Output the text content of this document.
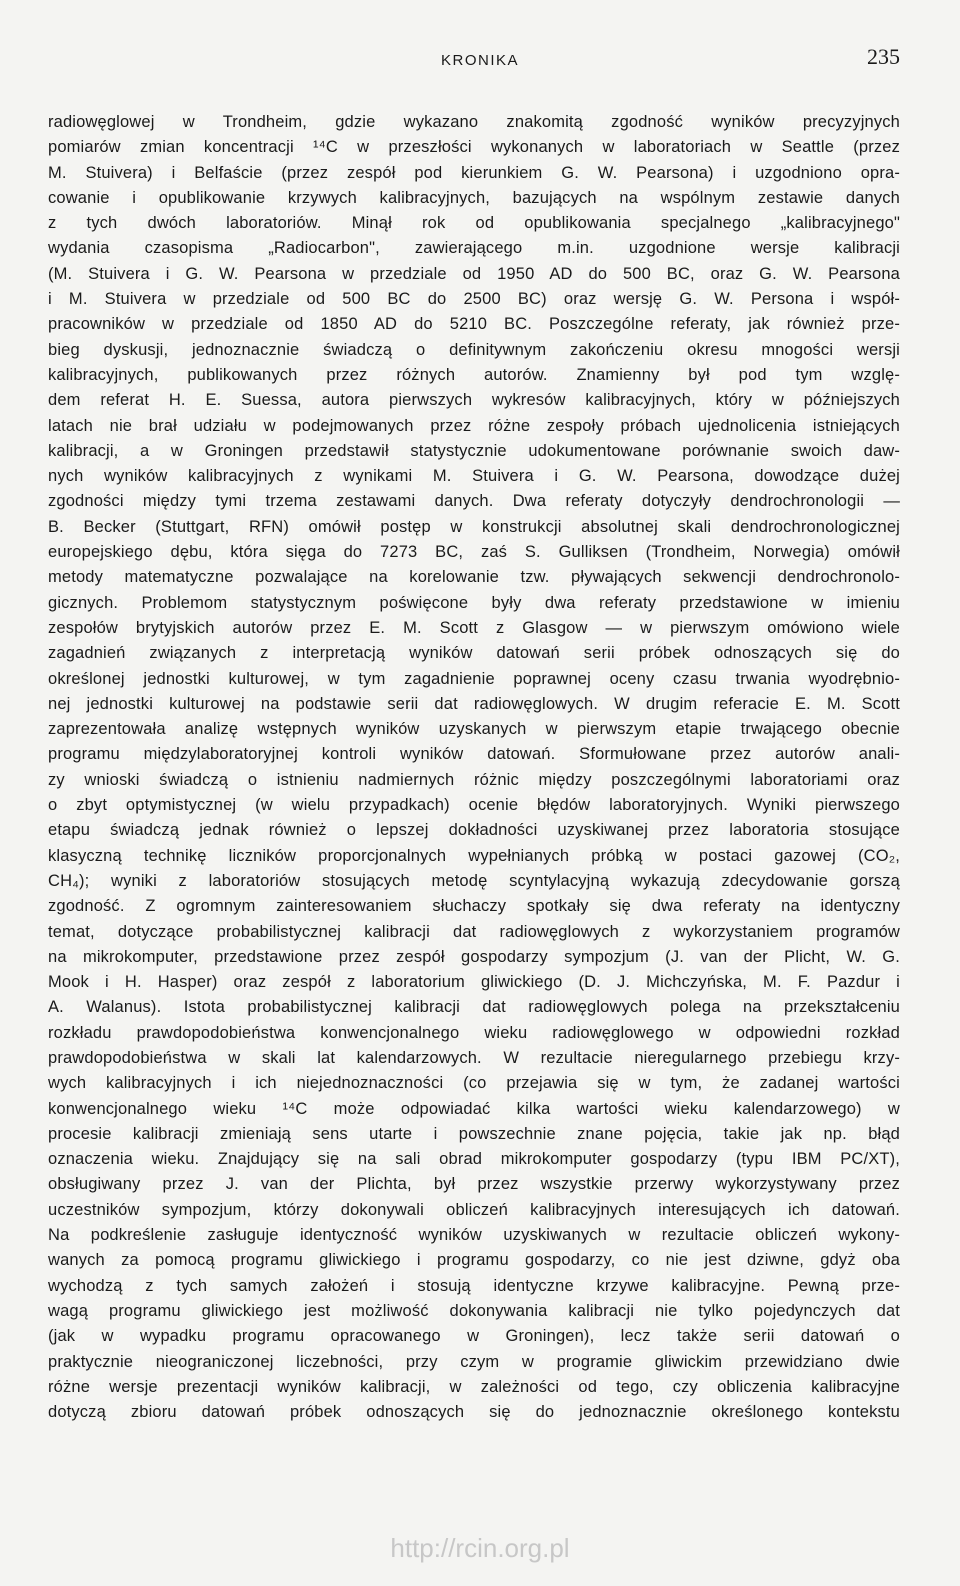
KRONIKA	235
radiowęglowej w Trondheim, gdzie wykazano znakomitą zgodność wyników precyzyjnych
pomiarów zmian koncentracji ¹⁴C w przeszłości wykonanych w laboratoriach w Seattle (przez
M. Stuivera) i Belfaście (przez zespół pod kierunkiem G. W. Pearsona) i uzgodniono opra-
cowanie i opublikowanie krzywych kalibracyjnych, bazujących na wspólnym zestawie danych
z tych dwóch laboratoriów. Minął rok od opublikowania specjalnego „kalibracyjnego"
wydania czasopisma „Radiocarbon", zawierającego m.in. uzgodnione wersje kalibracji
(M. Stuivera i G. W. Pearsona w przedziale od 1950 AD do 500 BC, oraz G. W. Pearsona
i M. Stuivera w przedziale od 500 BC do 2500 BC) oraz wersję G. W. Persona i współ-
pracowników w przedziale od 1850 AD do 5210 BC. Poszczególne referaty, jak również prze-
bieg dyskusji, jednoznacznie świadczą o definitywnym zakończeniu okresu mnogości wersji
kalibracyjnych, publikowanych przez różnych autorów. Znamienny był pod tym wzglę-
dem referat H. E. Suessa, autora pierwszych wykresów kalibracyjnych, który w późniejszych
latach nie brał udziału w podejmowanych przez różne zespoły próbach ujednolicenia istniejących
kalibracji, a w Groningen przedstawił statystycznie udokumentowane porównanie swoich daw-
nych wyników kalibracyjnych z wynikami M. Stuivera i G. W. Pearsona, dowodzące dużej
zgodności między tymi trzema zestawami danych. Dwa referaty dotyczyły dendrochronologii —
B. Becker (Stuttgart, RFN) omówił postęp w konstrukcji absolutnej skali dendrochronologicznej
europejskiego dębu, która sięga do 7273 BC, zaś S. Gulliksen (Trondheim, Norwegia) omówił
metody matematyczne pozwalające na korelowanie tzw. pływających sekwencji dendrochronolo-
gicznych. Problemom statystycznym poświęcone były dwa referaty przedstawione w imieniu
zespołów brytyjskich autorów przez E. M. Scott z Glasgow — w pierwszym omówiono wiele
zagadnień związanych z interpretacją wyników datowań serii próbek odnoszących się do
określonej jednostki kulturowej, w tym zagadnienie poprawnej oceny czasu trwania wyodrębnio-
nej jednostki kulturowej na podstawie serii dat radiowęglowych. W drugim referacie E. M. Scott
zaprezentowała analizę wstępnych wyników uzyskanych w pierwszym etapie trwającego obecnie
programu międzylaboratoryjnej kontroli wyników datowań. Sformułowane przez autorów anali-
zy wnioski świadczą o istnieniu nadmiernych różnic między poszczególnymi laboratoriami oraz
o zbyt optymistycznej (w wielu przypadkach) ocenie błędów laboratoryjnych. Wyniki pierwszego
etapu świadczą jednak również o lepszej dokładności uzyskiwanej przez laboratoria stosujące
klasyczną technikę liczników proporcjonalnych wypełnianych próbką w postaci gazowej (CO₂,
CH₄); wyniki z laboratoriów stosujących metodę scyntylacyjną wykazują zdecydowanie gorszą
zgodność. Z ogromnym zainteresowaniem słuchaczy spotkały się dwa referaty na identyczny
temat, dotyczące probabilistycznej kalibracji dat radiowęglowych z wykorzystaniem programów
na mikrokomputer, przedstawione przez zespół gospodarzy sympozjum (J. van der Plicht, W. G.
Mook i H. Hasper) oraz zespół z laboratorium gliwickiego (D. J. Michczyńska, M. F. Pazdur i
A. Walanus). Istota probabilistycznej kalibracji dat radiowęglowych polega na przekształceniu
rozkładu prawdopodobieństwa konwencjonalnego wieku radiowęglowego w odpowiedni rozkład
prawdopodobieństwa w skali lat kalendarzowych. W rezultacie nieregularnego przebiegu krzy-
wych kalibracyjnych i ich niejednoznaczności (co przejawia się w tym, że zadanej wartości
konwencjonalnego wieku ¹⁴C może odpowiadać kilka wartości wieku kalendarzowego) w
procesie kalibracji zmieniają sens utarte i powszechnie znane pojęcia, takie jak np. błąd
oznaczenia wieku. Znajdujący się na sali obrad mikrokomputer gospodarzy (typu IBM PC/XT),
obsługiwany przez J. van der Plichta, był przez wszystkie przerwy wykorzystywany przez
uczestników sympozjum, którzy dokonywali obliczeń kalibracyjnych interesujących ich datowań.
Na podkreślenie zasługuje identyczność wyników uzyskiwanych w rezultacie obliczeń wykony-
wanych za pomocą programu gliwickiego i programu gospodarzy, co nie jest dziwne, gdyż oba
wychodzą z tych samych założeń i stosują identyczne krzywe kalibracyjne. Pewną prze-
wagą programu gliwickiego jest możliwość dokonywania kalibracji nie tylko pojedynczych dat
(jak w wypadku programu opracowanego w Groningen), lecz także serii datowań o
praktycznie nieograniczonej liczebności, przy czym w programie gliwickim przewidziano dwie
różne wersje prezentacji wyników kalibracji, w zależności od tego, czy obliczenia kalibracyjne
dotyczą zbioru datowań próbek odnoszących się do jednoznacznie określonego kontekstu
http://rcin.org.pl
